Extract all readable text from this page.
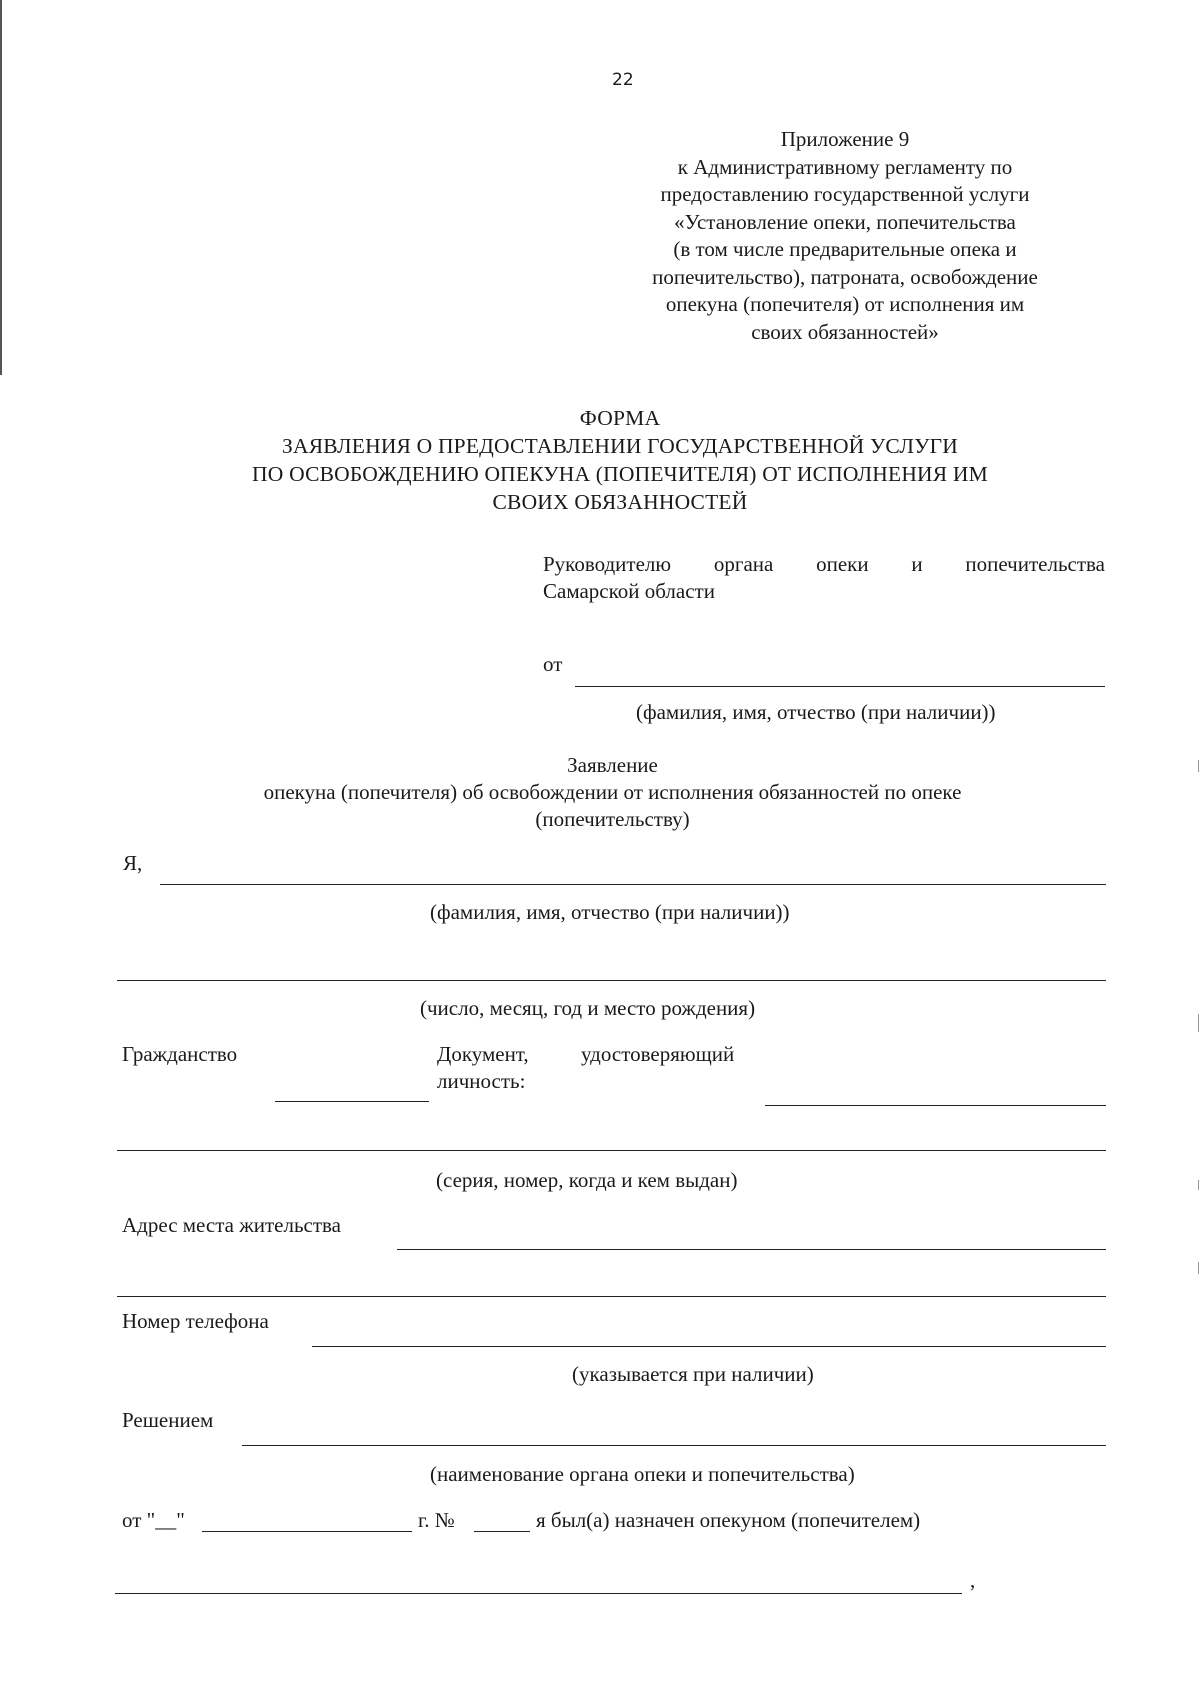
22
Приложение 9
к Административному регламенту по
предоставлению государственной услуги
«Установление опеки, попечительства
(в том числе предварительные опека и
попечительство), патроната, освобождение
опекуна (попечителя) от исполнения им
своих обязанностей»
ФОРМА
ЗАЯВЛЕНИЯ О ПРЕДОСТАВЛЕНИИ ГОСУДАРСТВЕННОЙ УСЛУГИ
ПО ОСВОБОЖДЕНИЮ ОПЕКУНА (ПОПЕЧИТЕЛЯ) ОТ ИСПОЛНЕНИЯ ИМ
СВОИХ ОБЯЗАННОСТЕЙ
Руководителю органа опеки и попечительства
Самарской области
от
(фамилия, имя, отчество (при наличии))
Заявление
опекуна (попечителя) об освобождении от исполнения обязанностей по опеке
(попечительству)
Я,
(фамилия, имя, отчество (при наличии))
(число, месяц, год и место рождения)
Гражданство	Документ, удостоверяющий
личность:
(серия, номер, когда и кем выдан)
Адрес места жительства
Номер телефона
(указывается при наличии)
Решением
(наименование органа опеки и попечительства)
от "__"	г. №	я был(а) назначен опекуном (попечителем)
,
